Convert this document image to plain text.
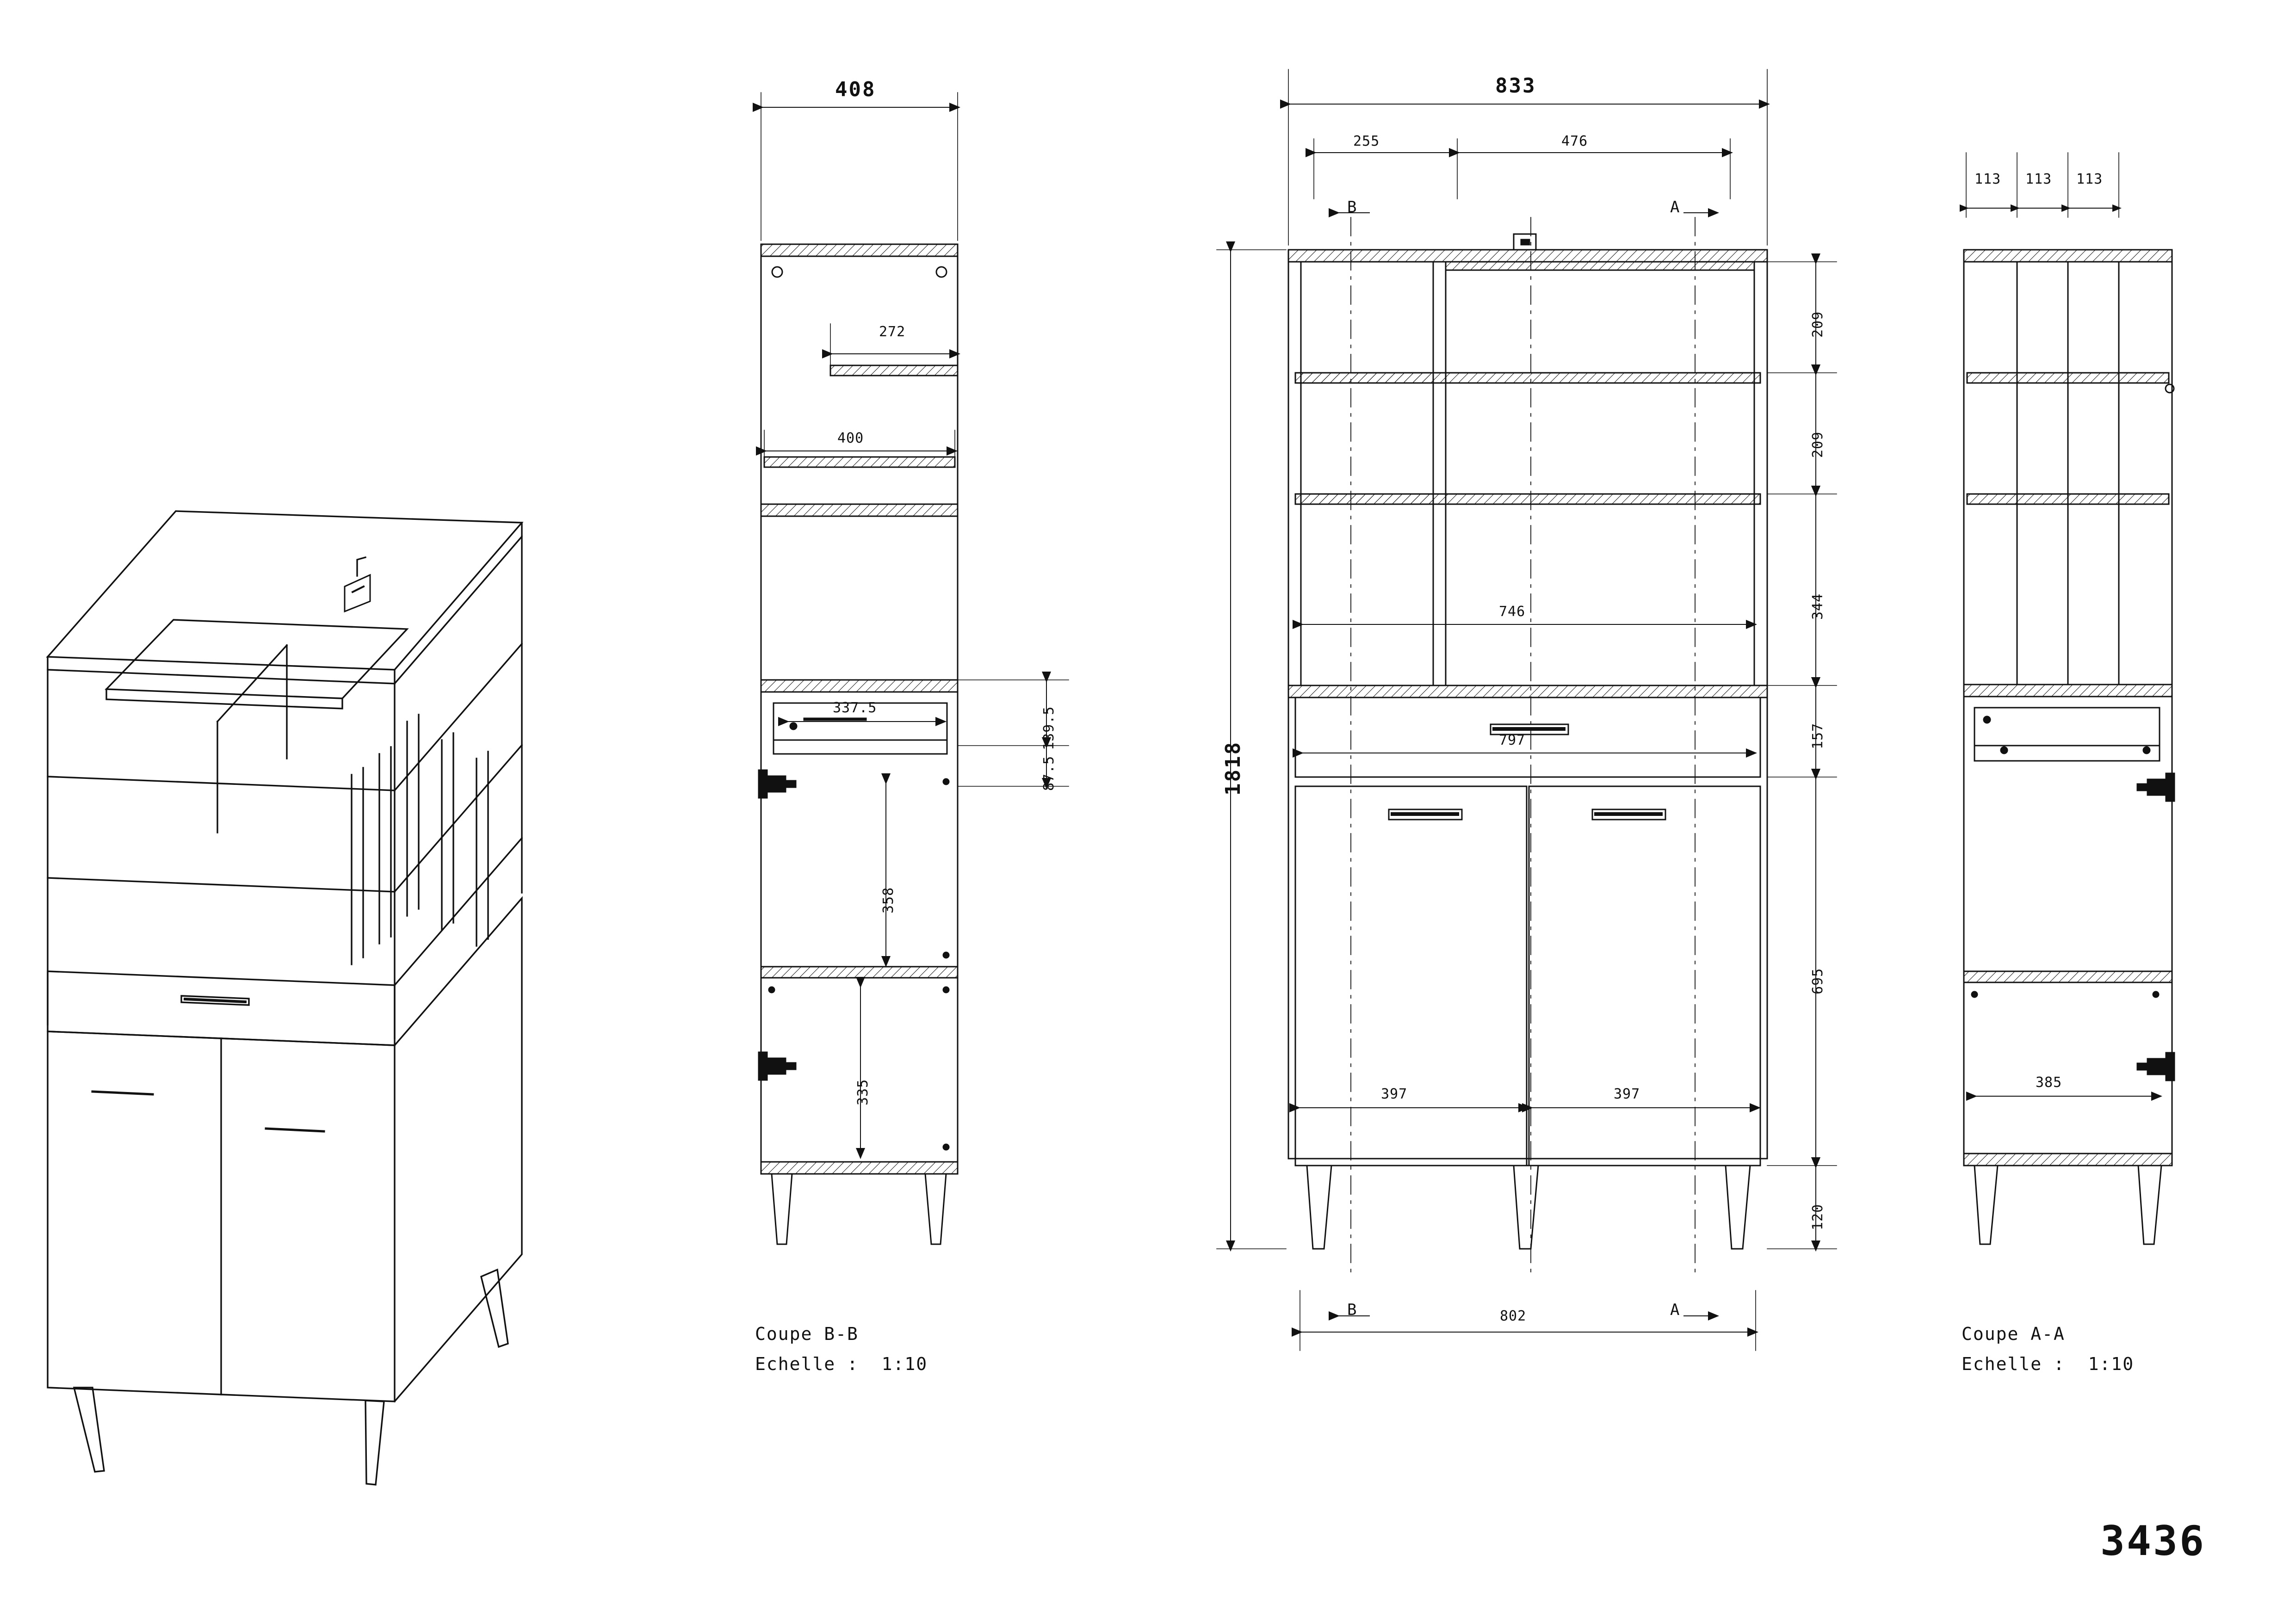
408
272
400
337.5	139.5
87.5
358
335
Coupe B-B
Echelle :  1:10
833
255	476
B	A
B	A
1818
209
209
344
157
695
120
746
797
397	397
802
113 113 113
385
Coupe A-A
Echelle :  1:10
3436
